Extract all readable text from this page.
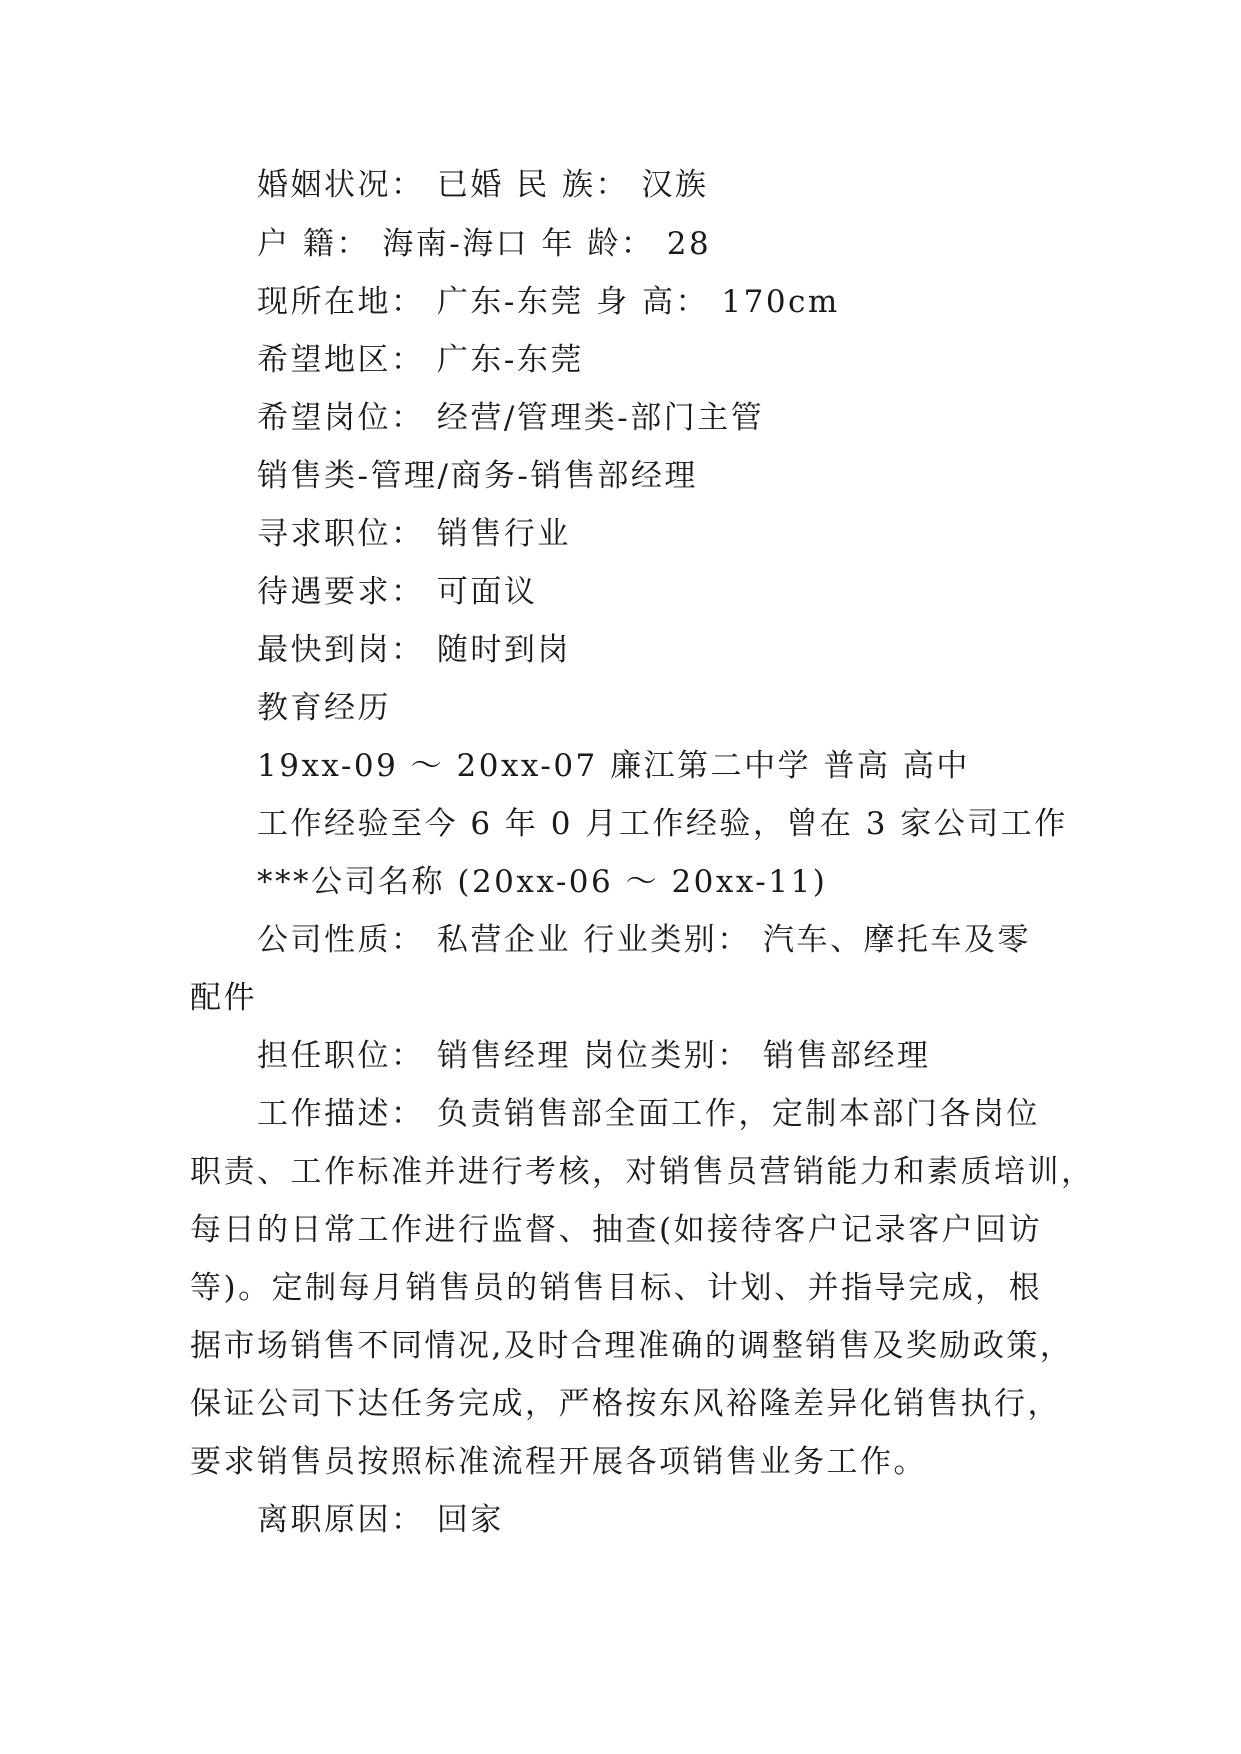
婚姻状况： 已婚 民 族： 汉族
户 籍： 海南-海口 年 龄： 28
现所在地： 广东-东莞 身 高： 170cm
希望地区： 广东-东莞
希望岗位： 经营/管理类-部门主管
销售类-管理/商务-销售部经理
寻求职位： 销售行业
待遇要求： 可面议
最快到岗： 随时到岗
教育经历
19xx-09 ～ 20xx-07 廉江第二中学 普高 高中
工作经验至今 6 年 0 月工作经验，曾在 3 家公司工作
***公司名称 (20xx-06 ～ 20xx-11)
公司性质： 私营企业 行业类别： 汽车、摩托车及零
配件
担任职位： 销售经理 岗位类别： 销售部经理
工作描述： 负责销售部全面工作，定制本部门各岗位
职责、工作标准并进行考核，对销售员营销能力和素质培训，
每日的日常工作进行监督、抽查(如接待客户记录客户回访
等)。定制每月销售员的销售目标、计划、并指导完成，根
据市场销售不同情况,及时合理准确的调整销售及奖励政策，
保证公司下达任务完成，严格按东风裕隆差异化销售执行，
要求销售员按照标准流程开展各项销售业务工作。
离职原因： 回家
